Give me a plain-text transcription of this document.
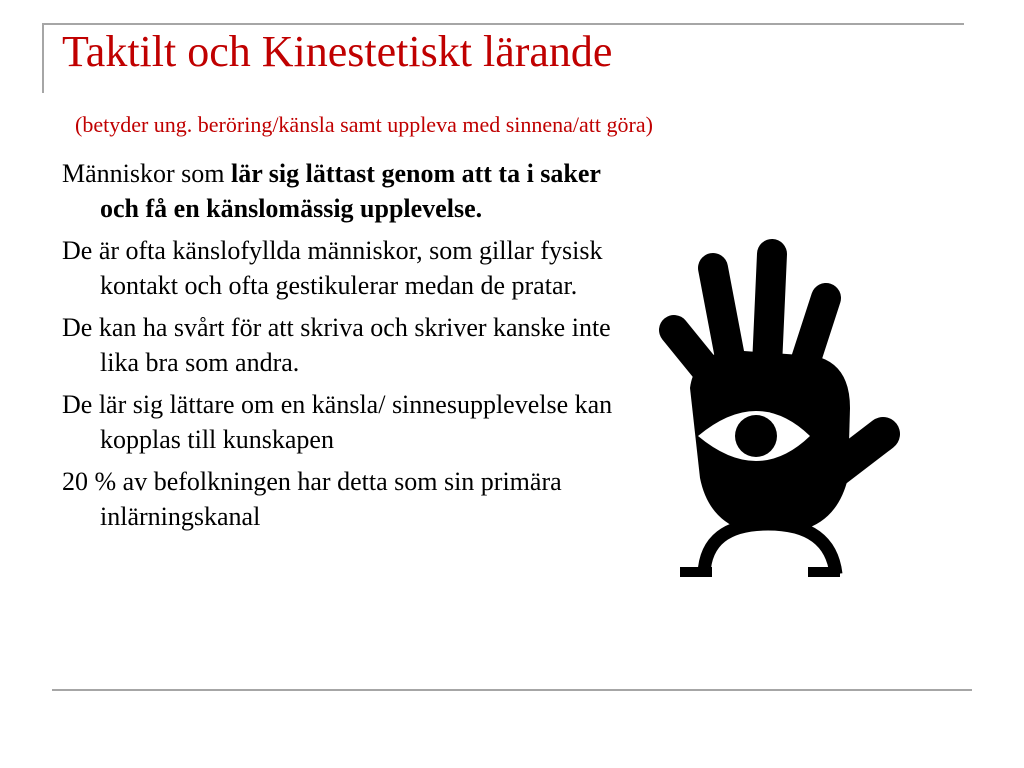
Taktilt och Kinestetiskt lärande

(betyder ung. beröring/känsla samt uppleva med sinnena/att göra)

Människor som lär sig lättast genom att ta i saker och få en känslomässig upplevelse.
De är ofta känslofyllda människor, som gillar fysisk kontakt och ofta gestikulerar medan de pratar.
De kan ha svårt för att skriva och skriver kanske inte lika bra som andra.
De lär sig lättare om en känsla/ sinnesupplevelse kan kopplas till kunskapen
20 % av befolkningen har detta som sin primära inlärningskanal
